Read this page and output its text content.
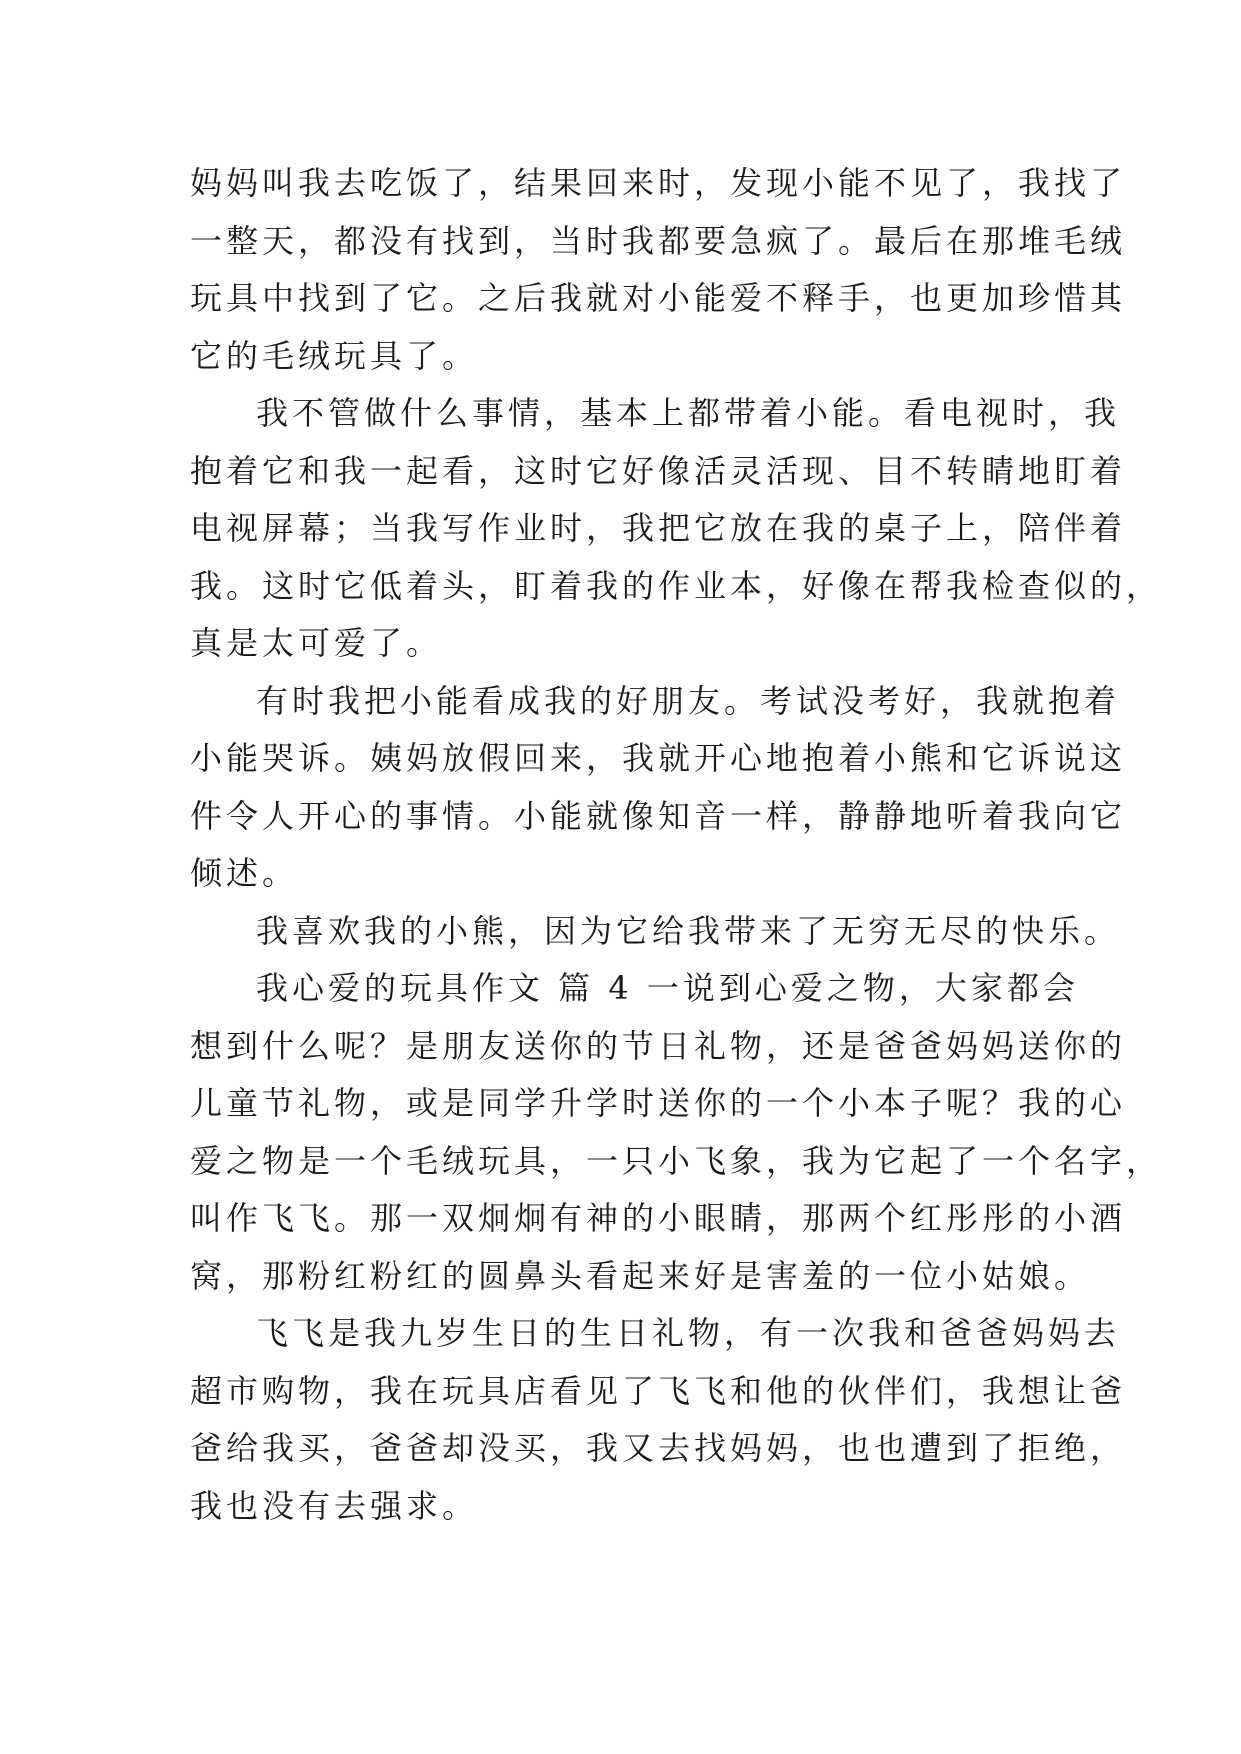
妈妈叫我去吃饭了，结果回来时，发现小能不见了，我找了
一整天，都没有找到，当时我都要急疯了。最后在那堆毛绒
玩具中找到了它。之后我就对小能爱不释手，也更加珍惜其
它的毛绒玩具了。
我不管做什么事情，基本上都带着小能。看电视时，我
抱着它和我一起看，这时它好像活灵活现、目不转睛地盯着
电视屏幕；当我写作业时，我把它放在我的桌子上，陪伴着
我。这时它低着头，盯着我的作业本，好像在帮我检查似的，
真是太可爱了。
有时我把小能看成我的好朋友。考试没考好，我就抱着
小能哭诉。姨妈放假回来，我就开心地抱着小熊和它诉说这
件令人开心的事情。小能就像知音一样，静静地听着我向它
倾述。
我喜欢我的小熊，因为它给我带来了无穷无尽的快乐。
我心爱的玩具作文 篇 4 一说到心爱之物，大家都会
想到什么呢？是朋友送你的节日礼物，还是爸爸妈妈送你的
儿童节礼物，或是同学升学时送你的一个小本子呢？我的心
爱之物是一个毛绒玩具，一只小飞象，我为它起了一个名字，
叫作飞飞。那一双炯炯有神的小眼睛，那两个红彤彤的小酒
窝，那粉红粉红的圆鼻头看起来好是害羞的一位小姑娘。
飞飞是我九岁生日的生日礼物，有一次我和爸爸妈妈去
超市购物，我在玩具店看见了飞飞和他的伙伴们，我想让爸
爸给我买，爸爸却没买，我又去找妈妈，也也遭到了拒绝，
我也没有去强求。
